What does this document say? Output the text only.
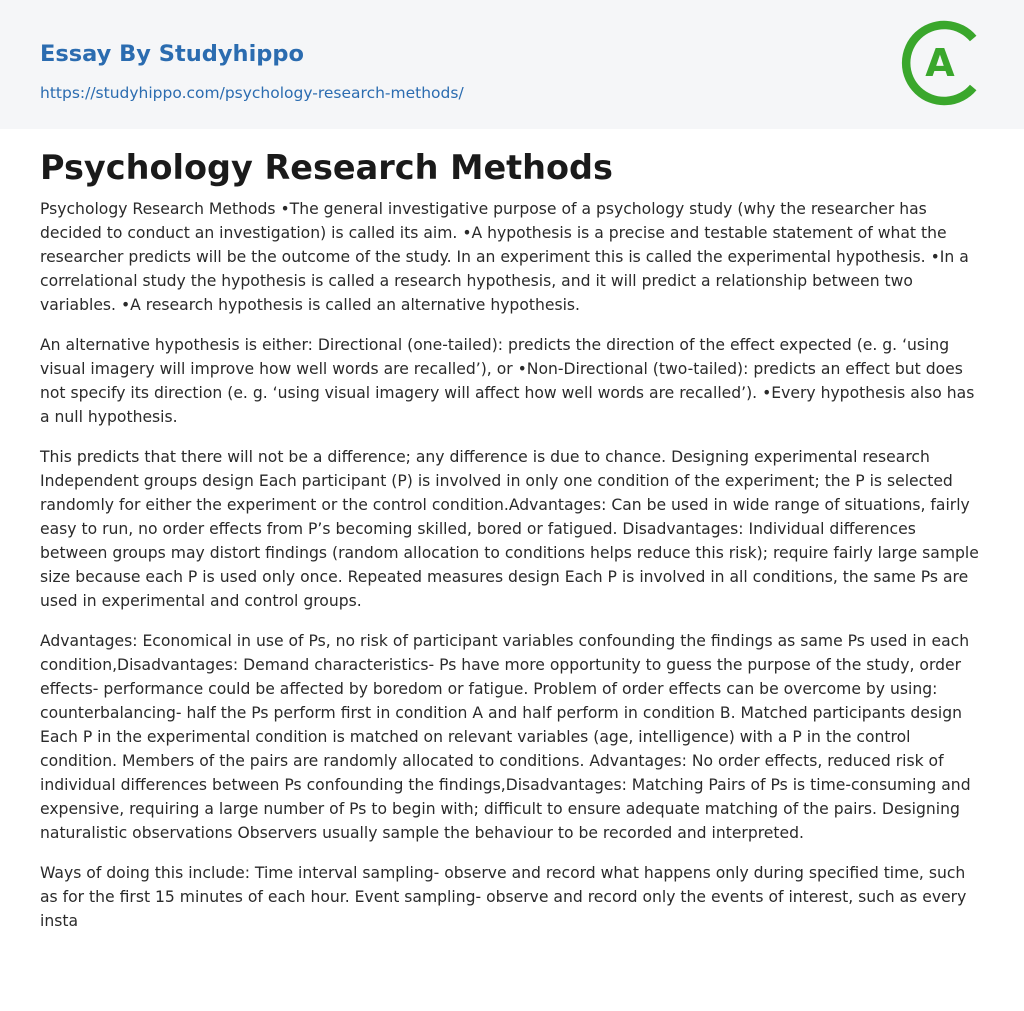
Essay By Studyhippo
https://studyhippo.com/psychology-research-methods/
A
Psychology Research Methods

Psychology Research Methods •The general investigative purpose of a psychology study (why the researcher has decided to conduct an investigation) is called its aim. •A hypothesis is a precise and testable statement of what the researcher predicts will be the outcome of the study. In an experiment this is called the experimental hypothesis. •In a correlational study the hypothesis is called a research hypothesis, and it will predict a relationship between two variables. •A research hypothesis is called an alternative hypothesis.

An alternative hypothesis is either: Directional (one-tailed): predicts the direction of the effect expected (e. g. ‘using visual imagery will improve how well words are recalled’), or •Non-Directional (two-tailed): predicts an effect but does not specify its direction (e. g. ‘using visual imagery will affect how well words are recalled’). •Every hypothesis also has a null hypothesis.

This predicts that there will not be a difference; any difference is due to chance. Designing experimental research Independent groups design Each participant (P) is involved in only one condition of the experiment; the P is selected randomly for either the experiment or the control condition.Advantages: Can be used in wide range of situations, fairly easy to run, no order effects from P’s becoming skilled, bored or fatigued. Disadvantages: Individual differences between groups may distort findings (random allocation to conditions helps reduce this risk); require fairly large sample size because each P is used only once. Repeated measures design Each P is involved in all conditions, the same Ps are used in experimental and control groups.

Advantages: Economical in use of Ps, no risk of participant variables confounding the findings as same Ps used in each condition,Disadvantages: Demand characteristics- Ps have more opportunity to guess the purpose of the study, order effects- performance could be affected by boredom or fatigue. Problem of order effects can be overcome by using: counterbalancing- half the Ps perform first in condition A and half perform in condition B. Matched participants design Each P in the experimental condition is matched on relevant variables (age, intelligence) with a P in the control condition. Members of the pairs are randomly allocated to conditions. Advantages: No order effects, reduced risk of individual differences between Ps confounding the findings,Disadvantages: Matching Pairs of Ps is time-consuming and expensive, requiring a large number of Ps to begin with; difficult to ensure adequate matching of the pairs. Designing naturalistic observations Observers usually sample the behaviour to be recorded and interpreted.

Ways of doing this include: Time interval sampling- observe and record what happens only during specified time, such as for the first 15 minutes of each hour. Event sampling- observe and record only the events of interest, such as every insta
